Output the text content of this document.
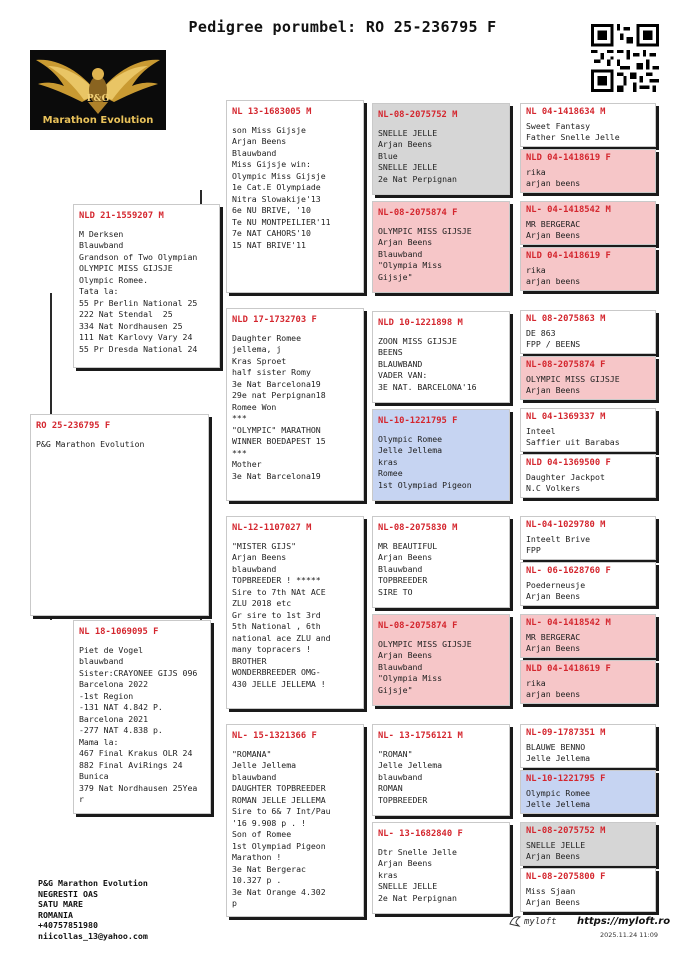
Pedigree porumbel: RO 25-236795 F
P&G
Marathon Evolution
RO 25-236795 F
P&G Marathon Evolution
NLD 21-1559207 M
M Derksen
Blauwband
Grandson of Two Olympian
OLYMPIC MISS GIJSJE
Olympic Romee.
Tata la:
55 Pr Berlin National 25
222 Nat Stendal  25
334 Nat Nordhausen 25
111 Nat Karlovy Vary 24
55 Pr Dresda National 24
NL 18-1069095 F
Piet de Vogel
blauwband
Sister:CRAYONEE GIJS 096
Barcelona 2022
-1st Region
-131 NAT 4.842 P.
Barcelona 2021
-277 NAT 4.838 p.
Mama la:
467 Final Krakus OLR 24
882 Final AviRings 24
Bunica
379 Nat Nordhausen 25Yea
r
NL 13-1683005 M
son Miss Gijsje
Arjan Beens
Blauwband
Miss Gijsje win:
Olympic Miss Gijsje
1e Cat.E Olympiade
Nitra Slowakije'13
6e NU BRIVE, '10
Te NU MONTPEILIER'11
7e NAT CAHORS'10
15 NAT BRIVE'11
NLD 17-1732703 F
Daughter Romee
jellema, j
Kras Sproet
half sister Romy
3e Nat Barcelona19
29e nat Perpignan18
Romee Won
***
"OLYMPIC" MARATHON
WINNER BOEDAPEST 15
***
Mother
3e Nat Barcelona19
NL-12-1107027 M
"MISTER GIJS"
Arjan Beens
blauwband
TOPBREEDER ! *****
Sire to 7th NAt ACE
ZLU 2018 etc
Gr sire to 1st 3rd
5th National , 6th
national ace ZLU and
many topracers !
BROTHER
WONDERBREEDER OMG-
430 JELLE JELLEMA !
NL- 15-1321366 F
"ROMANA"
Jelle Jellema
blauwband
DAUGHTER TOPBREEDER
ROMAN JELLE JELLEMA
Sire to 6& 7 Int/Pau
'16 9.908 p . !
Son of Romee
1st Olympiad Pigeon
Marathon !
3e Nat Bergerac
10.327 p .
3e Nat Orange 4.302
p
NL-08-2075752 M
SNELLE JELLE
Arjan Beens
Blue
SNELLE JELLE
2e Nat Perpignan
NL-08-2075874 F
OLYMPIC MISS GIJSJE
Arjan Beens
Blauwband
"Olympia Miss
Gijsje"
NLD 10-1221898 M
ZOON MISS GIJSJE
BEENS
BLAUWBAND
VADER VAN:
3E NAT. BARCELONA'16
NL-10-1221795 F
Olympic Romee
Jelle Jellema
kras
Romee
1st Olympiad Pigeon
NL-08-2075830 M
MR BEAUTIFUL
Arjan Beens
Blauwband
TOPBREEDER
SIRE TO
NL-08-2075874 F
OLYMPIC MISS GIJSJE
Arjan Beens
Blauwband
"Olympia Miss
Gijsje"
NL- 13-1756121 M
"ROMAN"
Jelle Jellema
blauwband
ROMAN
TOPBREEDER
NL- 13-1682840 F
Dtr Snelle Jelle
Arjan Beens
kras
SNELLE JELLE
2e Nat Perpignan
NL 04-1418634 M
Sweet Fantasy
Father Snelle Jelle
NLD 04-1418619 F
rika
arjan beens
NL- 04-1418542 M
MR BERGERAC
Arjan Beens
NLD 04-1418619 F
rika
arjan beens
NL 08-2075863 M
DE 863
FPP / BEENS
NL-08-2075874 F
OLYMPIC MISS GIJSJE
Arjan Beens
NL 04-1369337 M
Inteel
Saffier uit Barabas
NLD 04-1369500 F
Daughter Jackpot
N.C Volkers
NL-04-1029780 M
Inteelt Brive
FPP
NL- 06-1628760 F
Poederneusje
Arjan Beens
NL- 04-1418542 M
MR BERGERAC
Arjan Beens
NLD 04-1418619 F
rika
arjan beens
NL-09-1787351 M
BLAUWE BENNO
Jelle Jellema
NL-10-1221795 F
Olympic Romee
Jelle Jellema
NL-08-2075752 M
SNELLE JELLE
Arjan Beens
NL-08-2075800 F
Miss Sjaan
Arjan Beens
P&G Marathon Evolution
NEGRESTI OAS
SATU MARE
ROMANIA
+40757851980
niicollas_13@yahoo.com
myloft https://myloft.ro
2025.11.24 11:09
